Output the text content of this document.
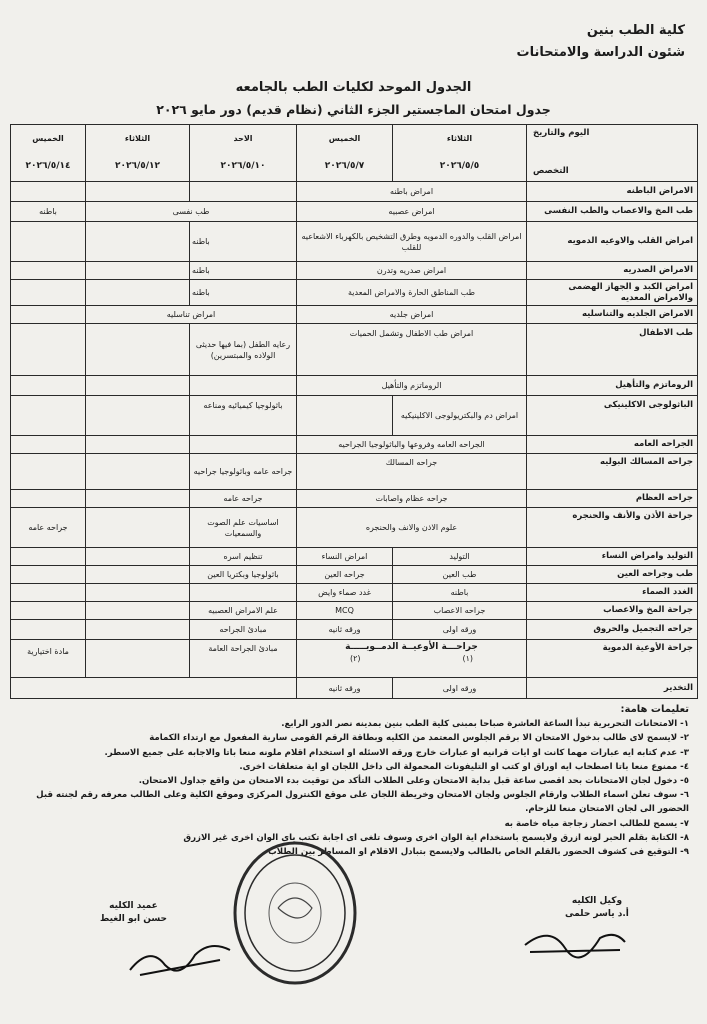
كلية الطب بنين
شئون الدراسة والامتحانات
الجدول الموحد لكليات الطب بالجامعه
جدول امتحان الماجستير الجزء الثاني (نظام قديم) دور مايو ٢٠٢٦
اليوم والتاريخ
التخصص
الثلاثاء
٢٠٢٦/٥/٥
الخميس
٢٠٢٦/٥/٧
الاحد
٢٠٢٦/٥/١٠
الثلاثاء
٢٠٢٦/٥/١٢
الخميس
٢٠٢٦/٥/١٤
الامراض الباطنه
امراض باطنه
طب المخ والاعصاب والطب النفسى
امراض عصبيه
طب نفسى
باطنه
امراض القلب والاوعيه الدمويه
امراض القلب والدوره الدمويه وطرق التشخيص بالكهرباء الاشعاعيه للقلب
باطنه
الامراض الصدريه
امراض صدريه وتدرن
باطنه
امراض الكبد و الجهاز الهضمى والامراض المعديه
طب المناطق الحارة والامراض المعدية
باطنه
الامراض الجلديه والتناسليه
امراض جلديه
امراض تناسليه
طب الاطفال
امراض طب الاطفال وتشمل الحميات
رعايه الطفل (بما فيها حديثى الولاده والمبتسرين)
الروماتزم والتأهيل
الروماتزم والتأهيل
الباثولوجى الاكلينيكى
امراض دم والبكتريولوجى الاكلينيكيه
باثولوجيا كيميائيه ومناعه
الجراحه العامه
الجراحه العامه وفروعها والباثولوجيا الجراحيه
جراحه المسالك البوليه
جراحه المسالك
جراحه عامه وباثولوجيا جراحيه
جراحه العظام
جراحه عظام واصابات
جراحه عامه
جراحة الأذن والأنف والحنجره
علوم الاذن والانف والحنجره
اساسيات علم الصوت والسمعيات
جراحه عامه
التوليد وامراض النساء
التوليد
امراض النساء
تنظيم اسره
طب وجراحه العين
طب العين
جراحه العين
باثولوجيا وبكتريا العين
الغدد الصماء
باطنه
غدد صماء وايض
جراحة المخ والاعصاب
جراحه الاعصاب
MCQ
علم الامراض العصبيه
جراحه التجميل والحروق
ورقه اولى
ورقه ثانيه
مبادئ الجراحه
جراحة الأوعية الدموية
جراحـــة الأوعيــة الدمــويـــــة
(١)
(٢)
مبادئ الجراحة العامة
مادة اختيارية
التخدير
ورقه اولى
ورقه ثانيه
تعليمات هامة:
١- الامتحانات التحريرية تبدأ الساعة العاشرة صباحا بمبنى كلية الطب بنين بمدينه نصر الدور الرابع.
٢- لايسمح لاى طالب بدخول الامتحان الا برقم الجلوس المعتمد من الكليه وبطاقة الرقم القومى سارية المفعول مع ارتداء الكمامة
٣- عدم كتابه ايه عبارات مهما كانت او ايات قرانيه او عبارات خارج ورقه الاسئله او استخدام اقلام ملونه منعا باتا والاجابه على جميع الاسطر.
٤- ممنوع منعا باتا اصطحاب ايه اوراق او كتب او التليفونات المحمولة الى داخل اللجان او اية متعلقات اخرى.
٥- دخول لجان الامتحانات بحد اقصى ساعة قبل بداية الامتحان وعلى الطلاب التأكد من توقيت بدء الامتحان من واقع جداول الامتحان.
٦- سوف تعلن اسماء الطلاب وارقام الجلوس ولجان الامتحان وخريطة اللجان على موقع الكنترول المركزى وموقع الكلية وعلى الطالب معرفه رقم لجنته قبل الحضور الى لجان الامتحان منعا للزحام.
٧- يسمح للطالب احضار زجاجة مياه خاصة به
٨- الكتابة بقلم الحبر لونه ازرق ولايسمح باستخدام اية الوان اخرى وسوف تلغى اى اجابة تكتب باى الوان اخرى غير الازرق
٩- التوقيع فى كشوف الحضور بالقلم الخاص بالطالب ولايسمح بتبادل الاقلام او المساطر بين الطلاب
وكيل الكليه
أ.د ياسر حلمى
عميد الكليه
حسن ابو الغيط
